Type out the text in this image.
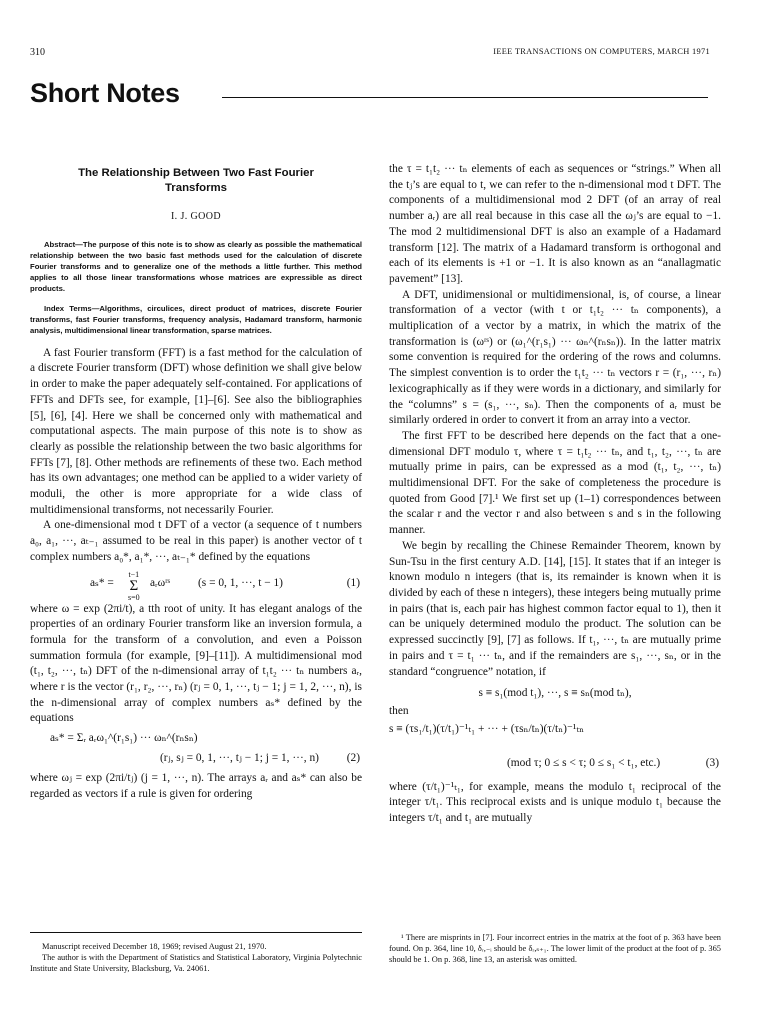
310	IEEE TRANSACTIONS ON COMPUTERS, MARCH 1971
Short Notes
The Relationship Between Two Fast Fourier Transforms
I. J. GOOD

Abstract—The purpose of this note is to show as clearly as possible the mathematical relationship between the two basic fast methods used for the calculation of discrete Fourier transforms and to generalize one of the methods a little further. This method applies to all those linear transformations whose matrices are expressible as direct products.

Index Terms—Algorithms, circulices, direct product of matrices, discrete Fourier transforms, fast Fourier transforms, frequency analysis, Hadamard transform, harmonic analysis, multidimensional linear transformation, sparse matrices.

A fast Fourier transform (FFT) is a fast method for the calculation of a discrete Fourier transform (DFT) whose definition we shall give below in order to make the paper adequately self-contained. For applications of FFTs and DFTs see, for example, [1]–[6]. See also the bibliographies [5], [6], [4]. Here we shall be concerned only with mathematical and computational aspects. The main purpose of this note is to show as clearly as possible the relationship between the two basic algorithms for FFTs [7], [8]. Other methods are refinements of these two. Each method has its own advantages; one method can be applied to a wider variety of moduli, the other is more appropriate for a wide class of multidimensional transforms, not necessarily Fourier.

A one-dimensional mod t DFT of a vector (a sequence of t numbers a₀, a₁, ···, aₜ₋₁ assumed to be real in this paper) is another vector of t complex numbers a₀*, a₁*, ···, aₜ₋₁* defined by the equations

aₛ* =
t−1
Σ
s=0
aᵣωʳˢ (s = 0, 1, ···, t − 1)	(1)

where ω = exp (2πi/t), a tth root of unity. It has elegant analogs of the properties of an ordinary Fourier transform like an inversion formula, a formula for the transform of a convolution, and even a Poisson summation formula (for example, [9]–[11]). A multidimensional mod (t₁, t₂, ···, tₙ) DFT of the n-dimensional array of t₁t₂ ··· tₙ numbers aᵣ, where r is the vector (r₁, r₂, ···, rₙ) (rⱼ = 0, 1, ···, tⱼ − 1; j = 1, 2, ···, n), is the n-dimensional array of complex numbers aₛ* defined by the equations

aₛ* = Σᵣ aᵣω₁^(r₁s₁) ··· ωₙ^(rₙsₙ)
(rⱼ, sⱼ = 0, 1, ···, tⱼ − 1; j = 1, ···, n) (2)

where ωⱼ = exp (2πi/tⱼ) (j = 1, ···, n). The arrays aᵣ and aₛ* can also be regarded as vectors if a rule is given for ordering

the τ = t₁t₂ ··· tₙ elements of each as sequences or “strings.” When all the tⱼ’s are equal to t, we can refer to the n-dimensional mod t DFT. The components of a multidimensional mod 2 DFT (of an array of real number aᵣ) are all real because in this case all the ωⱼ’s are equal to −1. The mod 2 multidimensional DFT is also an example of a Hadamard transform [12]. The matrix of a Hadamard transform is orthogonal and each of its elements is +1 or −1. It is also known as an “anallagmatic pavement” [13].

A DFT, unidimensional or multidimensional, is, of course, a linear transformation of a vector (with t or t₁t₂ ··· tₙ components), a multiplication of a vector by a matrix, in which the matrix of the transformation is (ωʳˢ) or (ω₁^(r₁s₁) ··· ωₙ^(rₙsₙ)). In the latter matrix some convention is required for the ordering of the rows and columns. The simplest convention is to order the t₁t₂ ··· tₙ vectors r = (r₁, ···, rₙ) lexicographically as if they were words in a dictionary, and similarly for the “columns” s = (s₁, ···, sₙ). Then the components of aᵣ must be similarly ordered in order to convert it from an array into a vector.

The first FFT to be described here depends on the fact that a one-dimensional DFT modulo τ, where τ = t₁t₂ ··· tₙ, and t₁, t₂, ···, tₙ are mutually prime in pairs, can be expressed as a mod (t₁, t₂, ···, tₙ) multidimensional DFT. For the sake of completeness the procedure is quoted from Good [7].¹ We first set up (1–1) correspondences between the scalar r and the vector r and also between s and s in the following manner.

We begin by recalling the Chinese Remainder Theorem, known by Sun-Tsu in the first century A.D. [14], [15]. It states that if an integer is known modulo n integers (that is, its remainder is known when it is divided by each of these n integers), these integers being mutually prime in pairs (that is, each pair has highest common factor equal to 1), then it can be uniquely determined modulo the product. The solution can be expressed succinctly [9], [7] as follows. If t₁, ···, tₙ are mutually prime in pairs and τ = t₁ ··· tₙ, and if the remainders are s₁, ···, sₙ, or in the standard “congruence” notation, if

s ≡ s₁(mod t₁), ···, s ≡ sₙ(mod tₙ),
then
s ≡ (τs₁/t₁)(τ/t₁)⁻¹ₜ₁ + ··· + (τsₙ/tₙ)(τ/tₙ)⁻¹ₜₙ
(mod τ; 0 ≤ s < τ; 0 ≤ s₁ < t₁, etc.)	(3)

where (τ/t₁)⁻¹ₜ₁, for example, means the modulo t₁ reciprocal of the integer τ/t₁. This reciprocal exists and is unique modulo t₁ because the integers τ/t₁ and t₁ are mutually

Manuscript received December 18, 1969; revised August 21, 1970.

The author is with the Department of Statistics and Statistical Laboratory, Virginia Polytechnic Institute and State University, Blacksburg, Va. 24061.

¹ There are misprints in [7]. Four incorrect entries in the matrix at the foot of p. 363 have been found. On p. 364, line 10, δᵣ,₋ᵢ should be δᵣ,ₛ₊₁. The lower limit of the product at the foot of p. 365 should be 1. On p. 368, line 13, an asterisk was omitted.
